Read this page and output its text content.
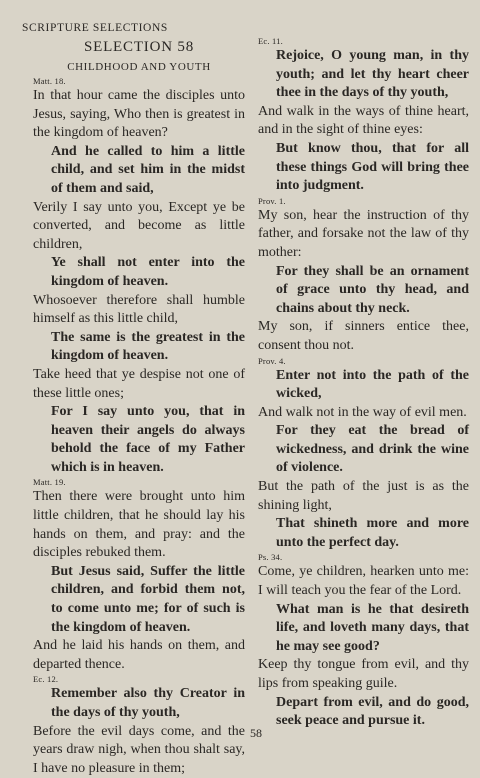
SCRIPTURE SELECTIONS
SELECTION 58
CHILDHOOD AND YOUTH
Matt. 18.
In that hour came the disciples unto Jesus, saying, Who then is greatest in the kingdom of heaven?
And he called to him a little child, and set him in the midst of them and said,
Verily I say unto you, Except ye be converted, and become as little children,
Ye shall not enter into the kingdom of heaven.
Whosoever therefore shall humble himself as this little child,
The same is the greatest in the kingdom of heaven.
Take heed that ye despise not one of these little ones;
For I say unto you, that in heaven their angels do always behold the face of my Father which is in heaven.
Matt. 19.
Then there were brought unto him little children, that he should lay his hands on them, and pray: and the disciples rebuked them.
But Jesus said, Suffer the little children, and forbid them not, to come unto me; for of such is the kingdom of heaven.
And he laid his hands on them, and departed thence.
Ec. 12.
Remember also thy Creator in the days of thy youth,
Before the evil days come, and the years draw nigh, when thou shalt say, I have no pleasure in them;
Ec. 11.
Rejoice, O young man, in thy youth; and let thy heart cheer thee in the days of thy youth,
And walk in the ways of thine heart, and in the sight of thine eyes:
But know thou, that for all these things God will bring thee into judgment.
Prov. 1.
My son, hear the instruction of thy father, and forsake not the law of thy mother:
For they shall be an ornament of grace unto thy head, and chains about thy neck.
My son, if sinners entice thee, consent thou not.
Prov. 4.
Enter not into the path of the wicked,
And walk not in the way of evil men.
For they eat the bread of wickedness, and drink the wine of violence.
But the path of the just is as the shining light,
That shineth more and more unto the perfect day.
Ps. 34.
Come, ye children, hearken unto me: I will teach you the fear of the Lord.
What man is he that desireth life, and loveth many days, that he may see good?
Keep thy tongue from evil, and thy lips from speaking guile.
Depart from evil, and do good, seek peace and pursue it.
58
